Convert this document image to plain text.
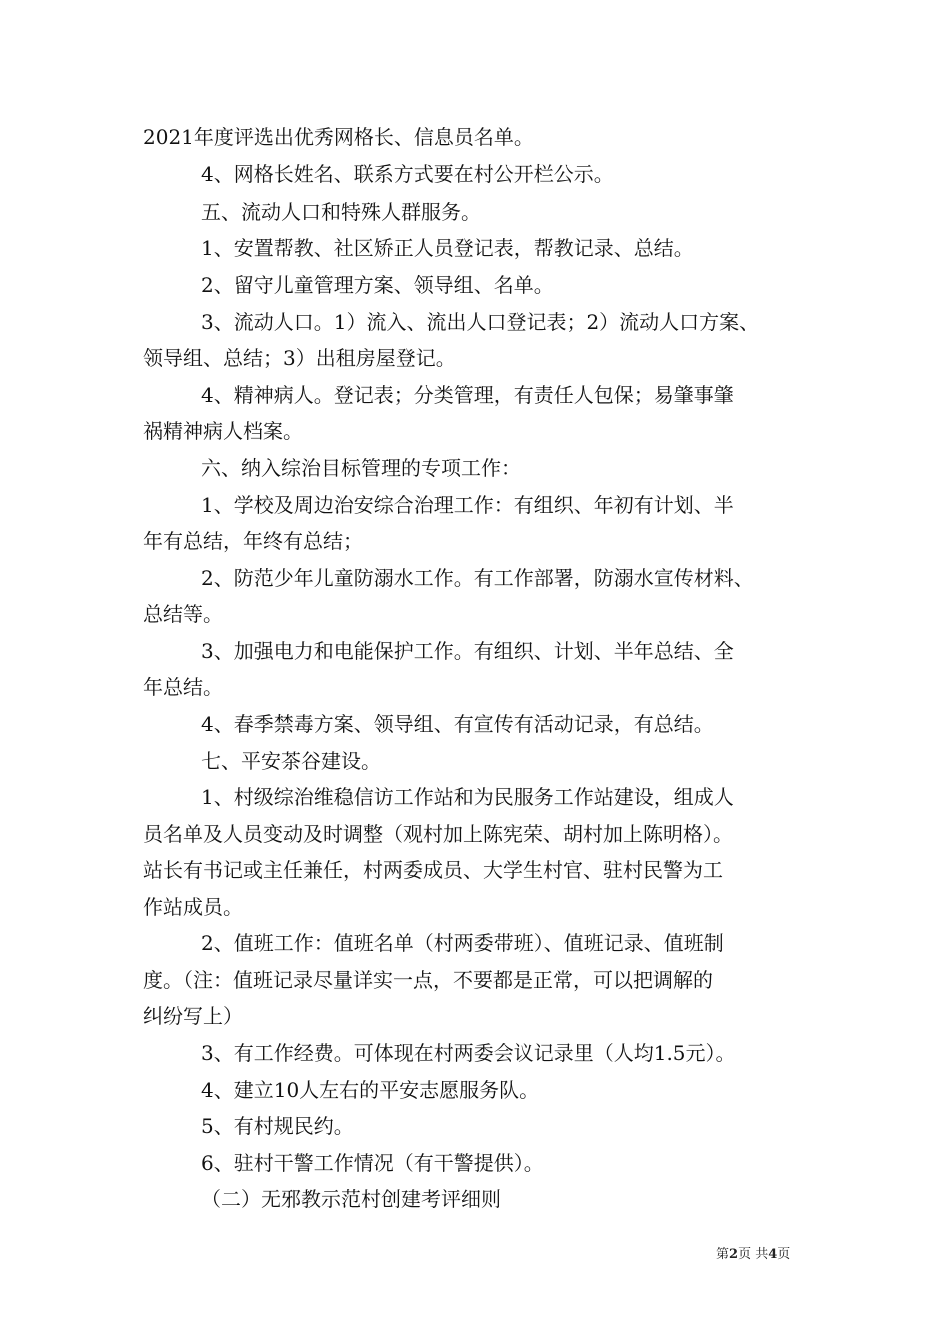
2021年度评选出优秀网格长、信息员名单。
4、网格长姓名、联系方式要在村公开栏公示。
五、流动人口和特殊人群服务。
1、安置帮教、社区矫正人员登记表，帮教记录、总结。
2、留守儿童管理方案、领导组、名单。
3、流动人口。1）流入、流出人口登记表；2）流动人口方案、
领导组、总结；3）出租房屋登记。
4、精神病人。登记表；分类管理，有责任人包保；易肇事肇
祸精神病人档案。
六、纳入综治目标管理的专项工作：
1、学校及周边治安综合治理工作：有组织、年初有计划、半
年有总结，年终有总结；
2、防范少年儿童防溺水工作。有工作部署，防溺水宣传材料、
总结等。
3、加强电力和电能保护工作。有组织、计划、半年总结、全
年总结。
4、春季禁毒方案、领导组、有宣传有活动记录，有总结。
七、平安茶谷建设。
1、村级综治维稳信访工作站和为民服务工作站建设，组成人
员名单及人员变动及时调整（观村加上陈宪荣、胡村加上陈明格）。
站长有书记或主任兼任，村两委成员、大学生村官、驻村民警为工
作站成员。
2、值班工作：值班名单（村两委带班）、值班记录、值班制
度。（注：值班记录尽量详实一点，不要都是正常，可以把调解的
纠纷写上）
3、有工作经费。可体现在村两委会议记录里（人均1.5元）。
4、建立10人左右的平安志愿服务队。
5、有村规民约。
6、驻村干警工作情况（有干警提供）。
（二）无邪教示范村创建考评细则
第2页 共4页
